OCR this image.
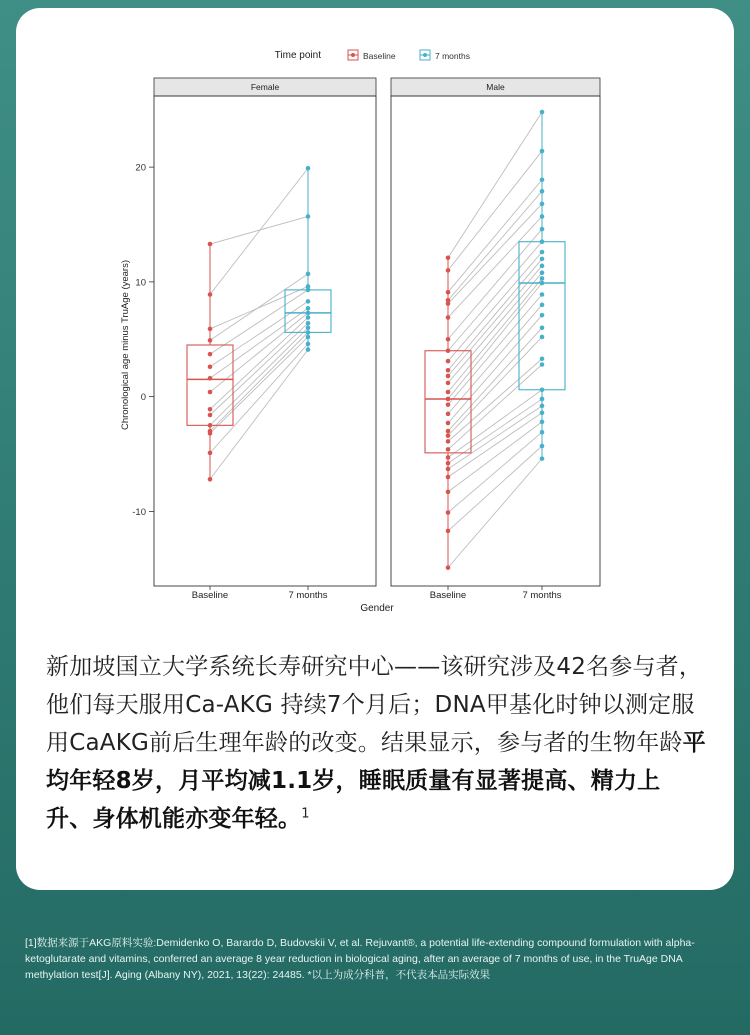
Time point	Baseline	7 months
Chronological age minus TruAge (years)
-10
0
10
20
Female
Baseline	7 months
Male
Baseline	7 months
Gender

新加坡国立大学系统长寿研究中心——该研究涉及42名参与者，他们每天服用Ca-AKG 持续7个月后；DNA甲基化时钟以测定服用CaAKG前后生理年龄的改变。结果显示，参与者的生物年龄平均年轻8岁，月平均减1.1岁，睡眠质量有显著提高、精力上升、身体机能亦变年轻。$^1$

[1]数据来源于AKG原料实验:Demidenko O, Barardo D, Budovskii V, et al. Rejuvant®, a potential life-extending compound formulation with alpha-ketoglutarate and vitamins, conferred an average 8 year reduction in biological aging, after an average of 7 months of use, in the TruAge DNA methylation test[J]. Aging (Albany NY), 2021, 13(22): 24485. *以上为成分科普，不代表本品实际效果
